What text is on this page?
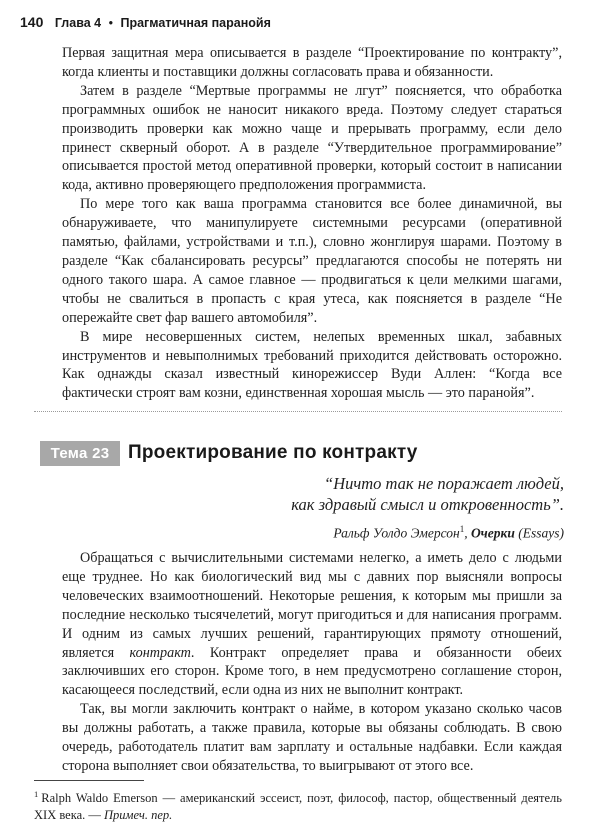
140 Глава 4 • Прагматичная паранойя

Первая защитная мера описывается в разделе “Проектирование по контракту”, когда клиенты и поставщики должны согласовать права и обязанности.

Затем в разделе “Мертвые программы не лгут” поясняется, что обработка программных ошибок не наносит никакого вреда. Поэтому следует стараться производить проверки как можно чаще и прерывать программу, если дело принест скверный оборот. А в разделе “Утвердительное программирование” описывается простой метод оперативной проверки, который состоит в написании кода, активно проверяющего предположения программиста.

По мере того как ваша программа становится все более динамичной, вы обнаруживаете, что манипулируете системными ресурсами (оперативной памятью, файлами, устройствами и т.п.), словно жонглируя шарами. Поэтому в разделе “Как сбалансировать ресурсы” предлагаются способы не потерять ни одного такого шара. А самое главное — продвигаться к цели мелкими шагами, чтобы не свалиться в пропасть с края утеса, как поясняется в разделе “Не опережайте свет фар вашего автомобиля”.

В мире несовершенных систем, нелепых временных шкал, забавных инструментов и невыполнимых требований приходится действовать осторожно. Как однажды сказал известный кинорежиссер Вуди Аллен: “Когда все фактически строят вам козни, единственная хорошая мысль — это паранойя”.

Тема 23 Проектирование по контракту
“Ничто так не поражает людей,
как здравый смысл и откровенность”.
Ральф Уолдо Эмерсон$^1$, Очерки (Essays)

Обращаться с вычислительными системами нелегко, а иметь дело с людьми еще труднее. Но как биологический вид мы с давних пор выясняли вопросы человеческих взаимоотношений. Некоторые решения, к которым мы пришли за последние несколько тысячелетий, могут пригодиться и для написания программ. И одним из самых лучших решений, гарантирующих прямоту отношений, является контракт. Контракт определяет права и обязанности обеих заключивших его сторон. Кроме того, в нем предусмотрено соглашение сторон, касающееся последствий, если одна из них не выполнит контракт.

Так, вы могли заключить контракт о найме, в котором указано сколько часов вы должны работать, а также правила, которые вы обязаны соблюдать. В свою очередь, работодатель платит вам зарплату и остальные надбавки. Если каждая сторона выполняет свои обязательства, то выигрывают от этого все.

$^1$ Ralph Waldo Emerson — американский эссеист, поэт, философ, пастор, общественный деятель XIX века. — Примеч. пер.
